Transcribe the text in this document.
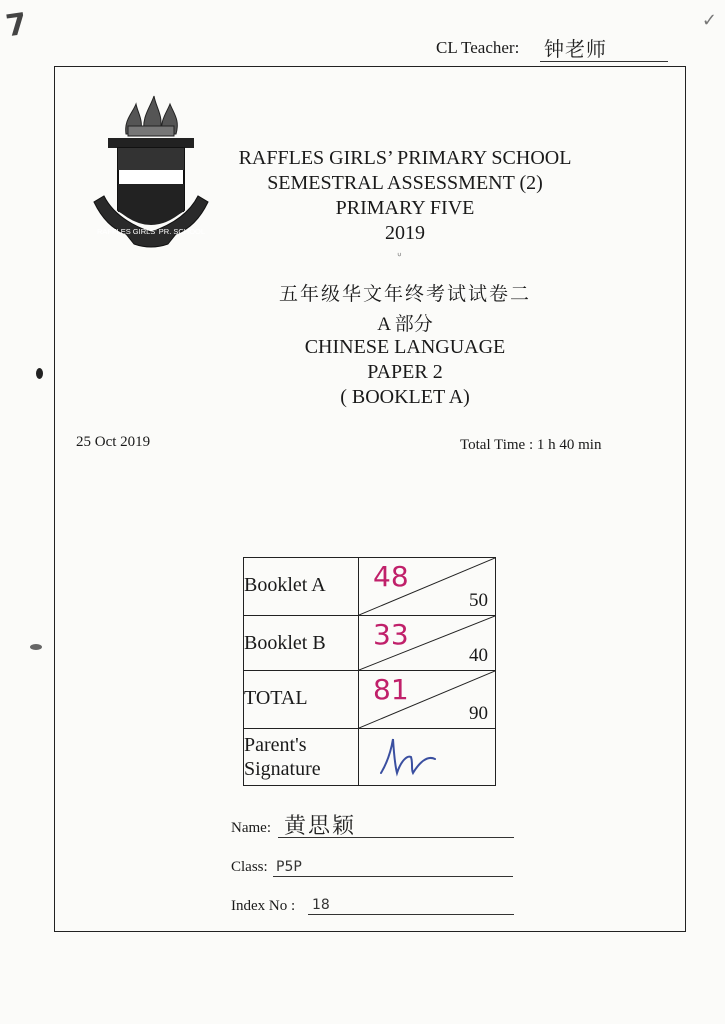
7	✓
CL Teacher: 钟老师
RAFFLES GIRLS' PR. SCHOOL
RAFFLES GIRLS’ PRIMARY SCHOOL
SEMESTRAL ASSESSMENT (2)
PRIMARY FIVE
2019
ᐡ
五年级华文年终考试试卷二
A 部分
CHINESE LANGUAGE
PAPER 2
( BOOKLET A)
25 Oct 2019	Total Time : 1 h 40 min
Booklet A	48
50

Booklet B	33
40

TOTAL	81
90

Parent's
Signature

Name: 黄思颖
Class: P5P
Index No : 18
